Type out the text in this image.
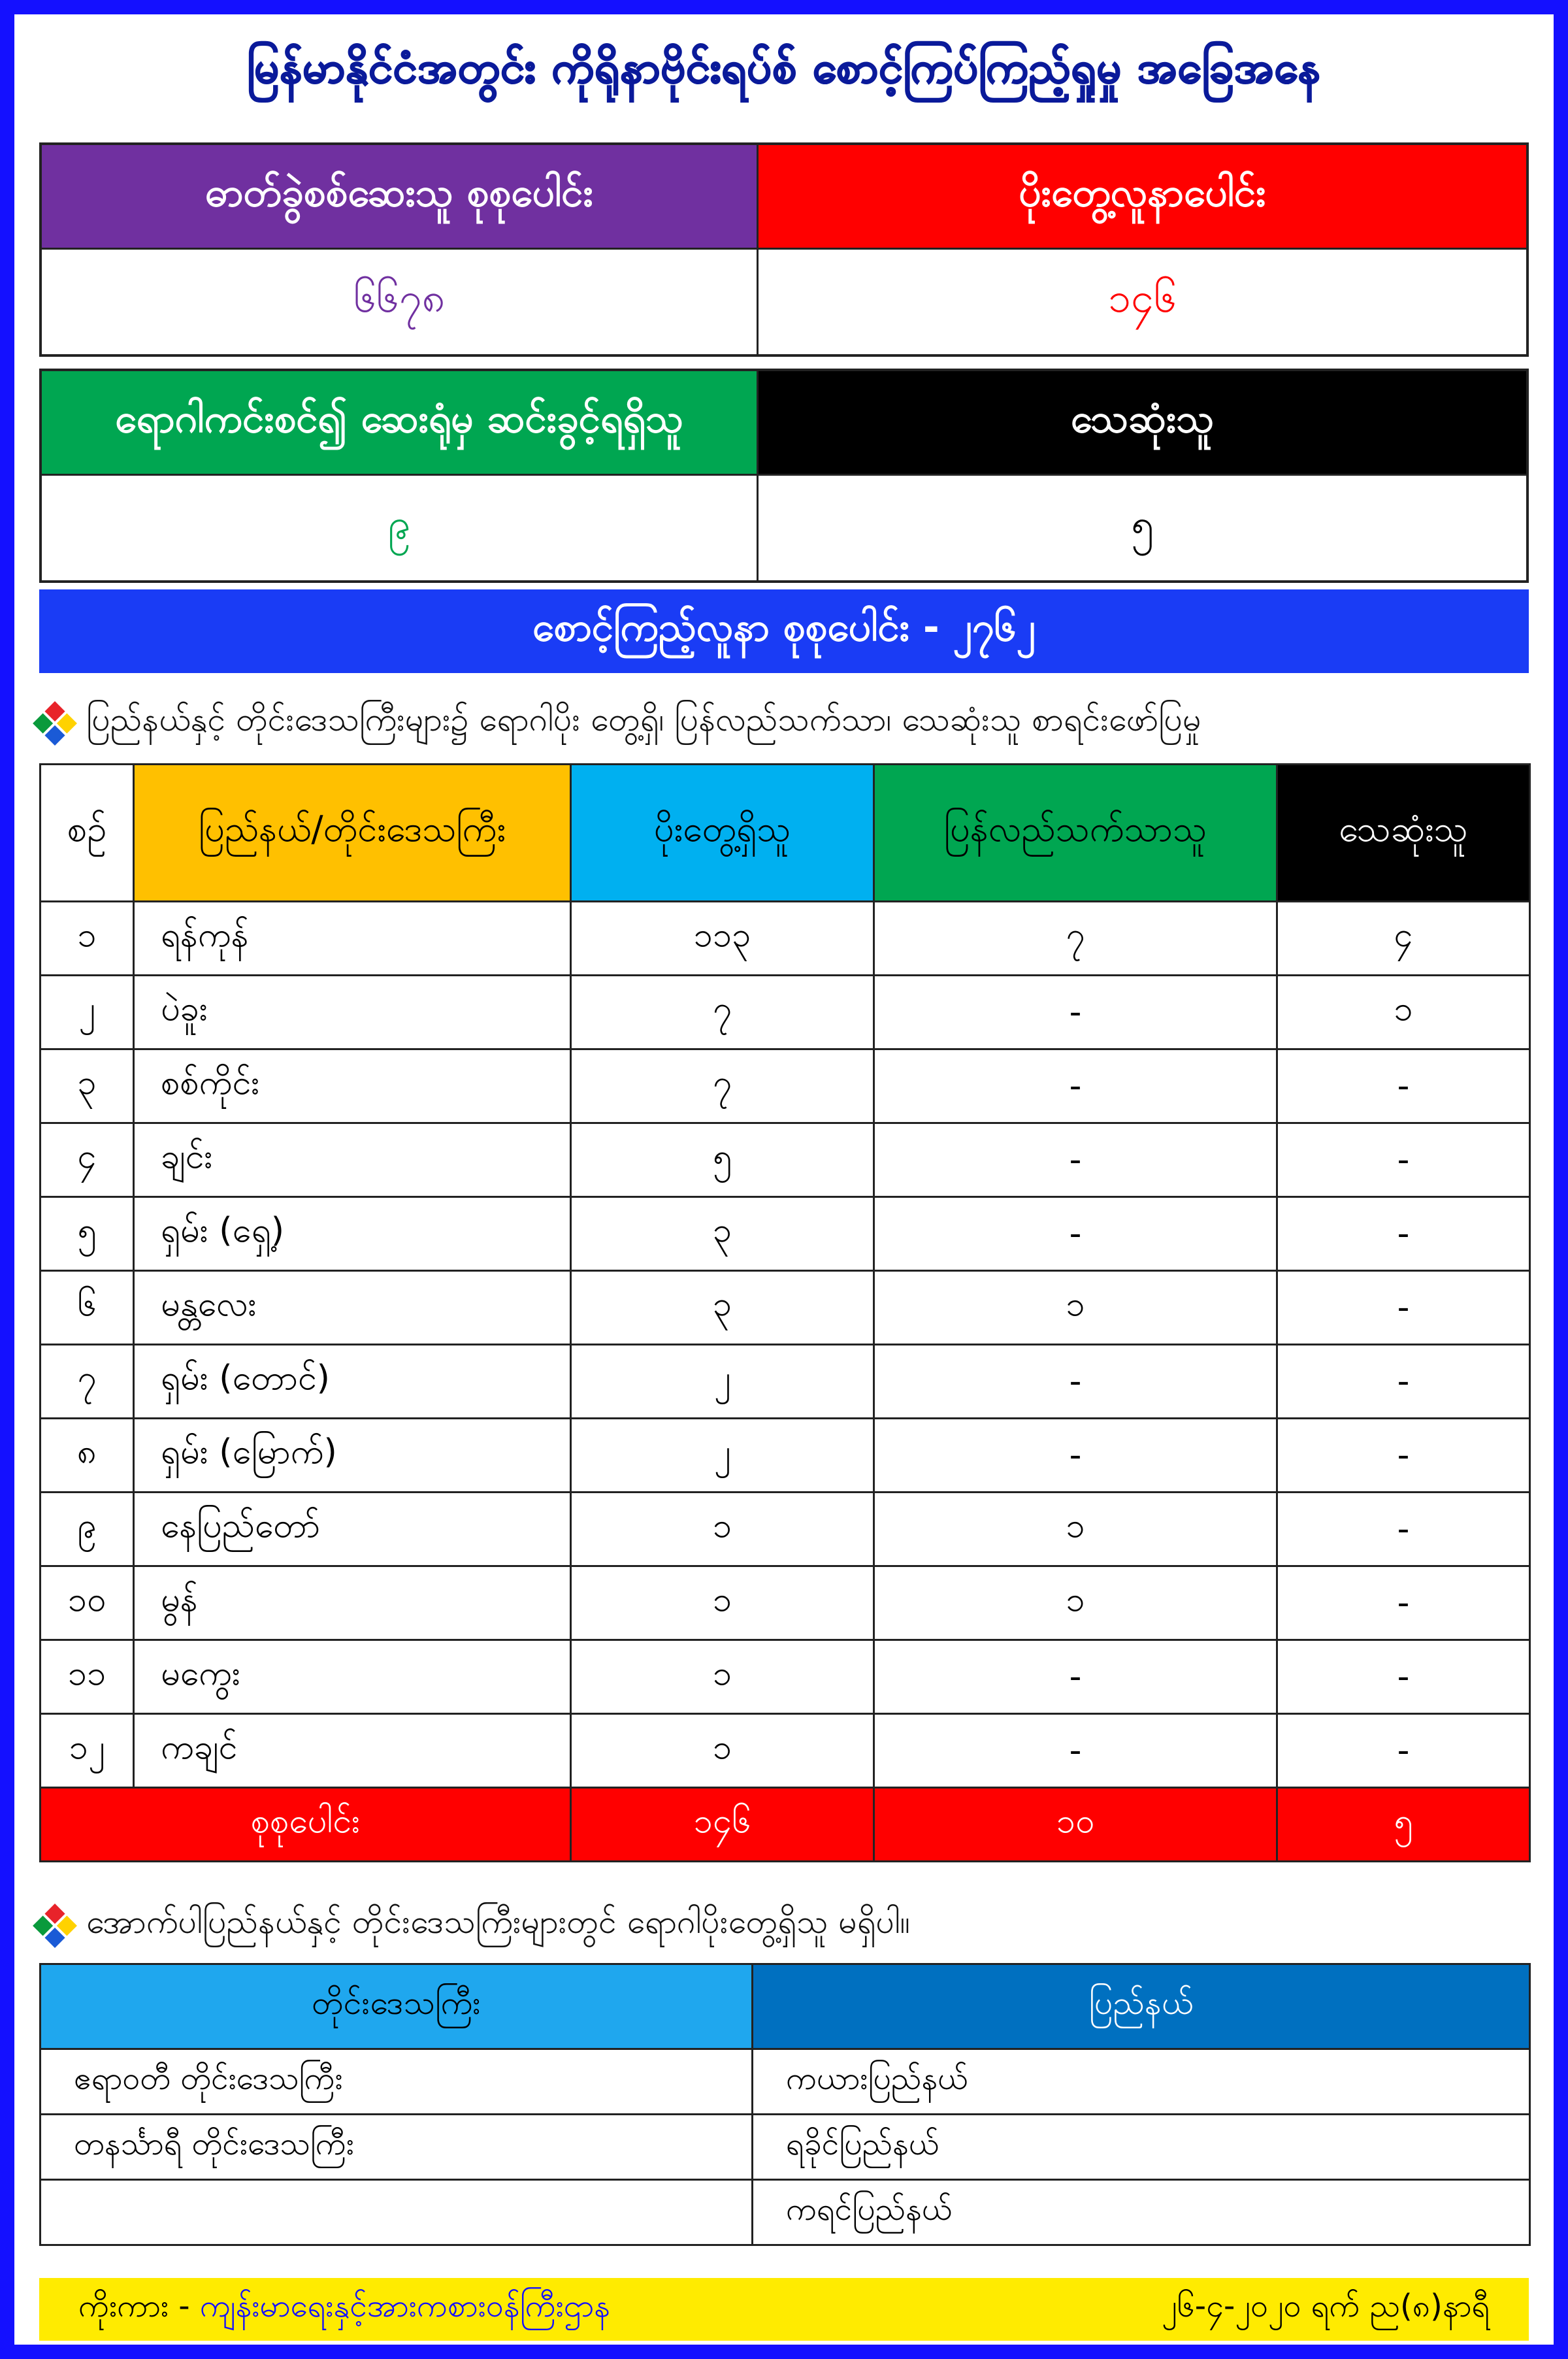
မြန်မာနိုင်ငံအတွင်း ကိုရိုနာဗိုင်းရပ်စ် စောင့်ကြပ်ကြည့်ရှုမှု အခြေအနေ
ဓာတ်ခွဲစစ်ဆေးသူ စုစုပေါင်း	ပိုးတွေ့လူနာပေါင်း
၆၆၇၈	၁၄၆
ရောဂါကင်းစင်၍ ဆေးရုံမှ ဆင်းခွင့်ရရှိသူ	သေဆုံးသူ
၉	၅
စောင့်ကြည့်လူနာ စုစုပေါင်း - ၂၇၆၂
ပြည်နယ်နှင့် တိုင်းဒေသကြီးများ၌ ရောဂါပိုး တွေ့ရှိ၊ ပြန်လည်သက်သာ၊ သေဆုံးသူ စာရင်းဖော်ပြမှု
စဉ်	ပြည်နယ်/တိုင်းဒေသကြီး	ပိုးတွေ့ရှိသူ	ပြန်လည်သက်သာသူ	သေဆုံးသူ
၁	ရန်ကုန်	၁၁၃	၇	၄
၂	ပဲခူး	၇	-	၁
၃	စစ်ကိုင်း	၇	-	-
၄	ချင်း	၅	-	-
၅	ရှမ်း (ရှေ့)	၃	-	-
၆	မန္တလေး	၃	၁	-
၇	ရှမ်း (တောင်)	၂	-	-
၈	ရှမ်း (မြောက်)	၂	-	-
၉	နေပြည်တော်	၁	၁	-
၁၀	မွန်	၁	၁	-
၁၁	မကွေး	၁	-	-
၁၂	ကချင်	၁	-	-
စုစုပေါင်း		၁၄၆	၁၀	၅
အောက်ပါပြည်နယ်နှင့် တိုင်းဒေသကြီးများတွင် ရောဂါပိုးတွေ့ရှိသူ မရှိပါ။
တိုင်းဒေသကြီး	ပြည်နယ်
ဧရာဝတီ တိုင်းဒေသကြီး	ကယားပြည်နယ်
တနင်္သာရီ တိုင်းဒေသကြီး	ရခိုင်ပြည်နယ်
	ကရင်ပြည်နယ်
ကိုးကား - ကျန်းမာရေးနှင့်အားကစားဝန်ကြီးဌာန	၂၆-၄-၂၀၂၀ ရက် ည(၈)နာရီ
